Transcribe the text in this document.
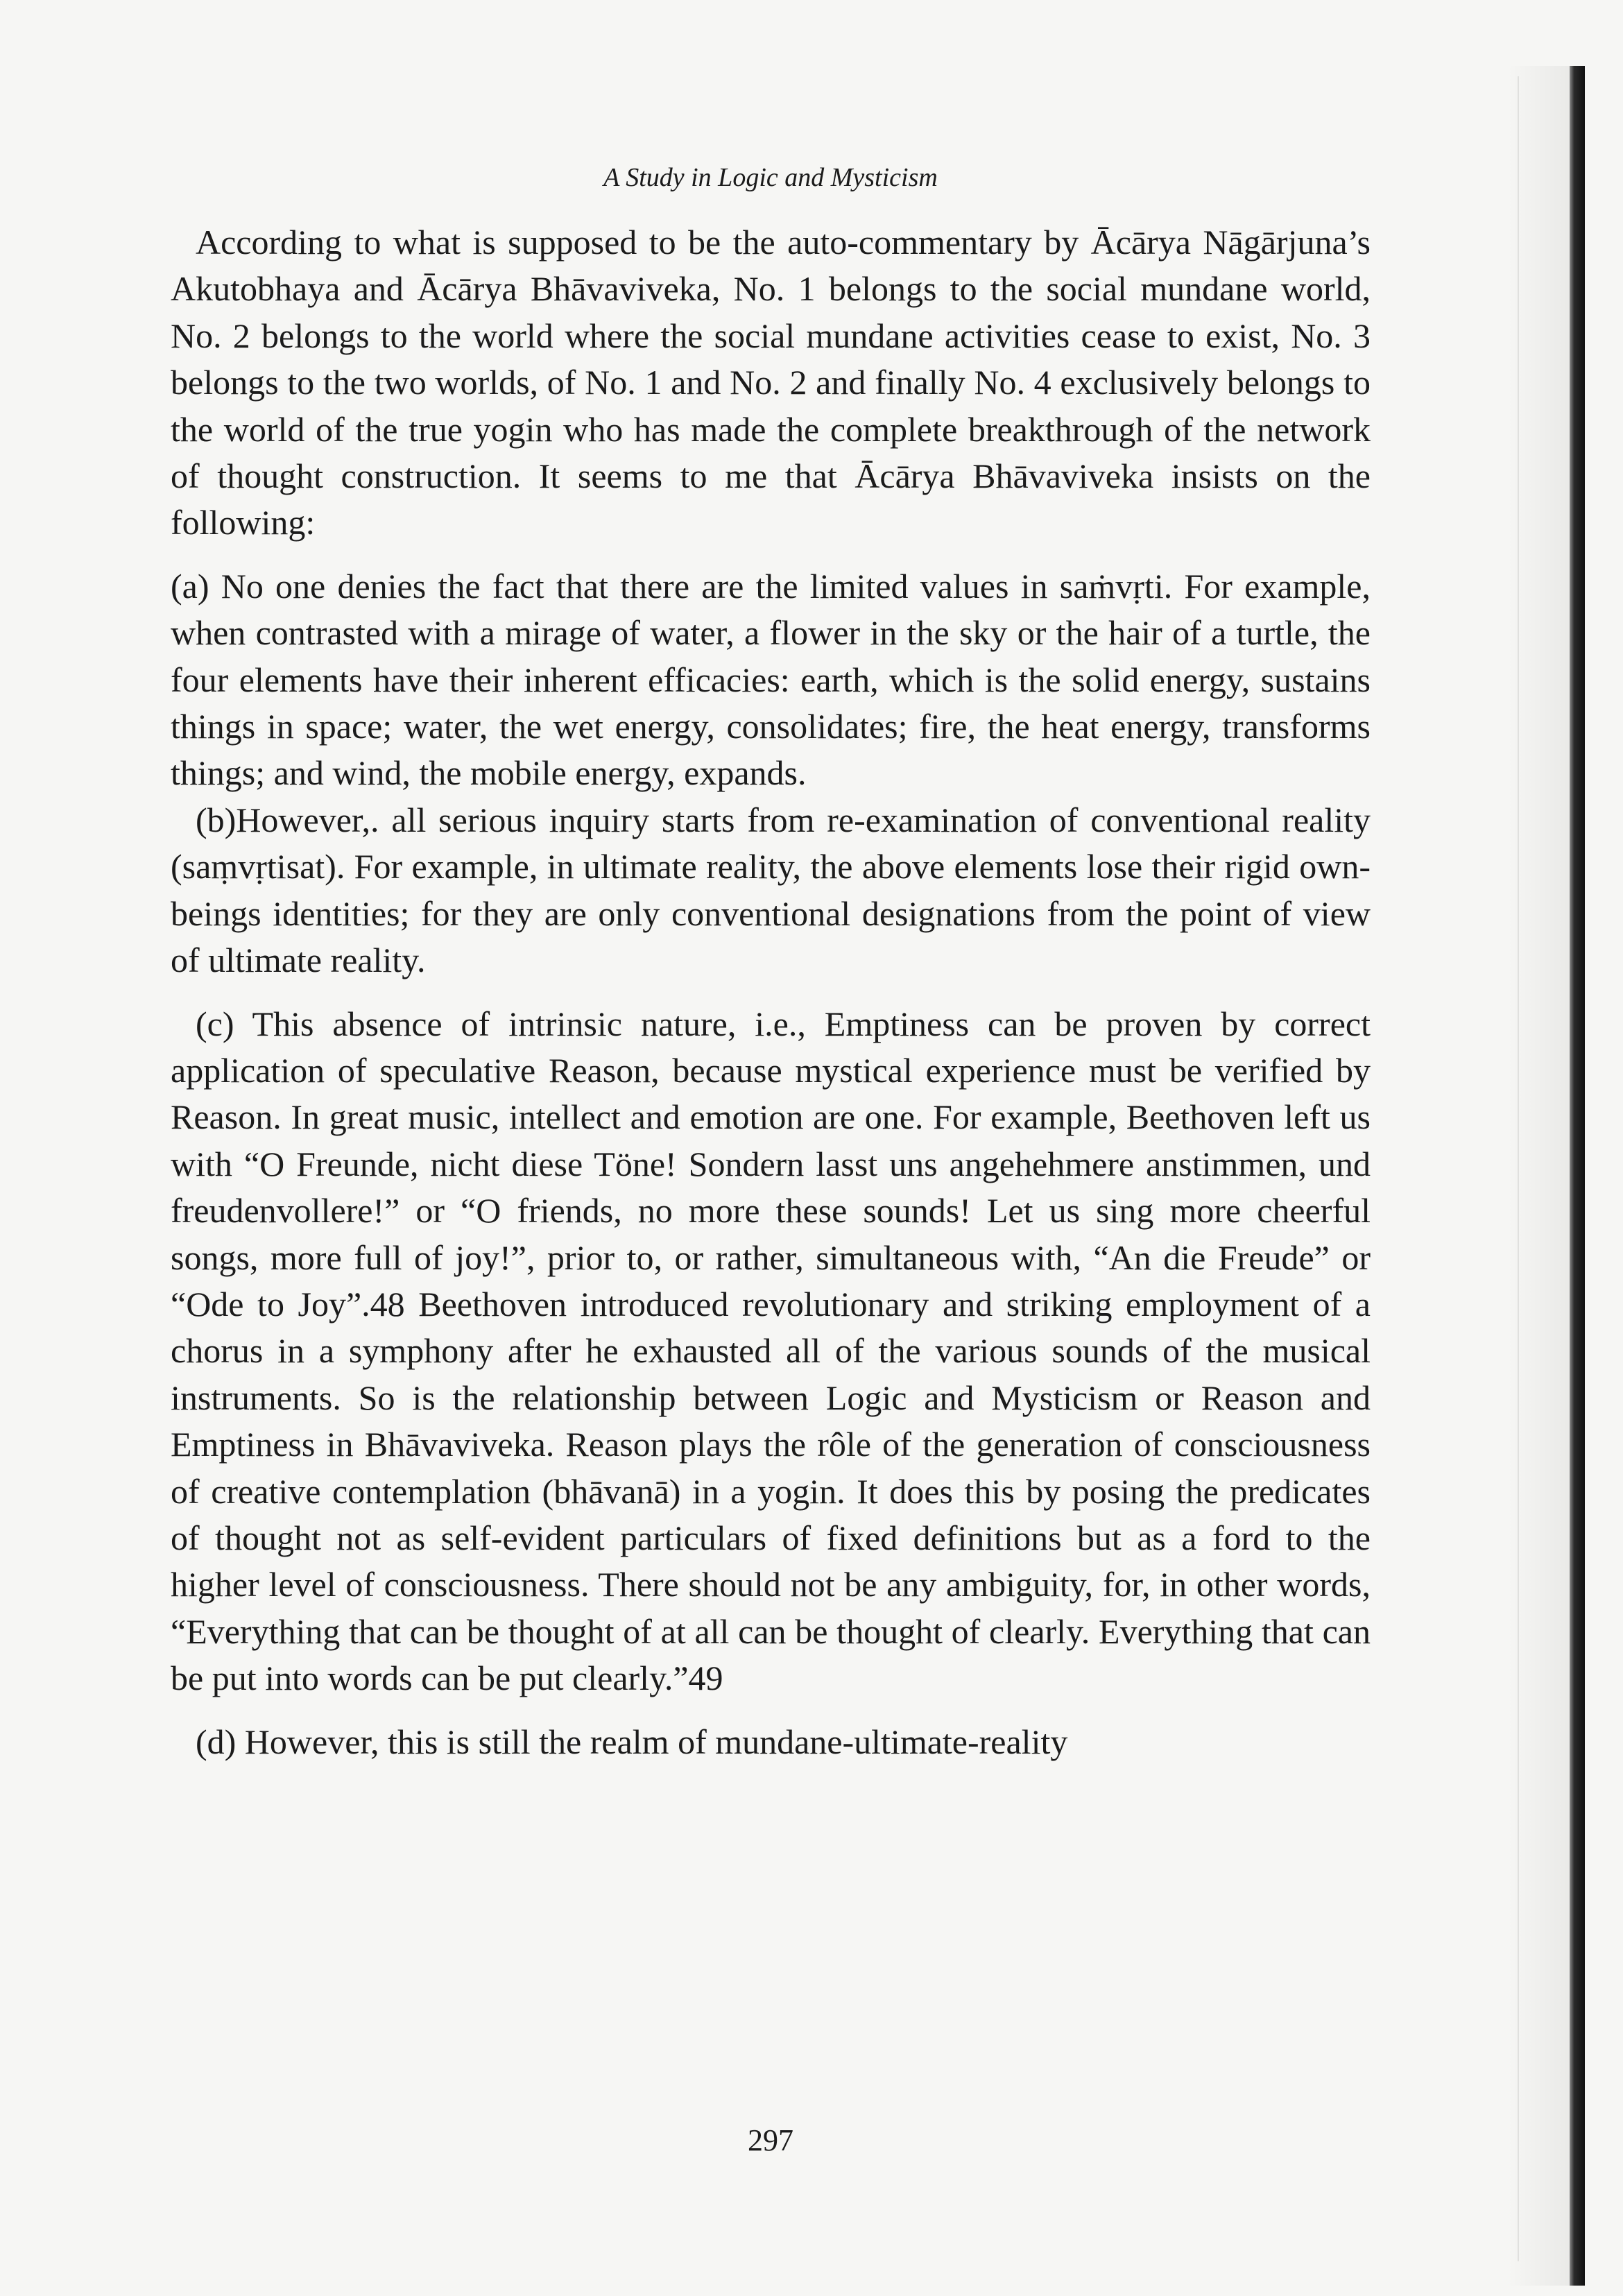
A Study in Logic and Mysticism

According to what is supposed to be the auto-commentary by Ācārya Nāgārjuna’s Akutobhaya and Ācārya Bhāvaviveka, No. 1 belongs to the social mundane world, No. 2 belongs to the world where the social mundane activities cease to exist, No. 3 belongs to the two worlds, of No. 1 and No. 2 and finally No. 4 exclusively belongs to the world of the true yogin who has made the complete breakthrough of the network of thought construction. It seems to me that Ācārya Bhāvaviveka insists on the following:

(a) No one denies the fact that there are the limited values in saṁvṛti. For example, when contrasted with a mirage of water, a flower in the sky or the hair of a turtle, the four elements have their inherent efficacies: earth, which is the solid energy, sustains things in space; water, the wet energy, consolidates; fire, the heat energy, transforms things; and wind, the mobile energy, expands.

(b)However,. all serious inquiry starts from re-examination of conventional reality (saṃvṛtisat). For example, in ultimate reality, the above elements lose their rigid own-beings identities; for they are only conventional designations from the point of view of ultimate reality.

(c) This absence of intrinsic nature, i.e., Emptiness can be proven by correct application of speculative Reason, because mystical experience must be verified by Reason. In great music, intellect and emotion are one. For example, Beethoven left us with “O Freunde, nicht diese Töne! Sondern lasst uns angehehmere anstimmen, und freudenvollere!” or “O friends, no more these sounds! Let us sing more cheerful songs, more full of joy!”, prior to, or rather, simultaneous with, “An die Freude” or “Ode to Joy”.48 Beethoven introduced revolutionary and striking employment of a chorus in a symphony after he exhausted all of the various sounds of the musical instruments. So is the relationship between Logic and Mysticism or Reason and Emptiness in Bhāvaviveka. Reason plays the rôle of the generation of consciousness of creative contemplation (bhāvanā) in a yogin. It does this by posing the predicates of thought not as self-evident particulars of fixed definitions but as a ford to the higher level of consciousness. There should not be any ambiguity, for, in other words, “Everything that can be thought of at all can be thought of clearly. Everything that can be put into words can be put clearly.”49

(d) However, this is still the realm of mundane-ultimate-reality

297
